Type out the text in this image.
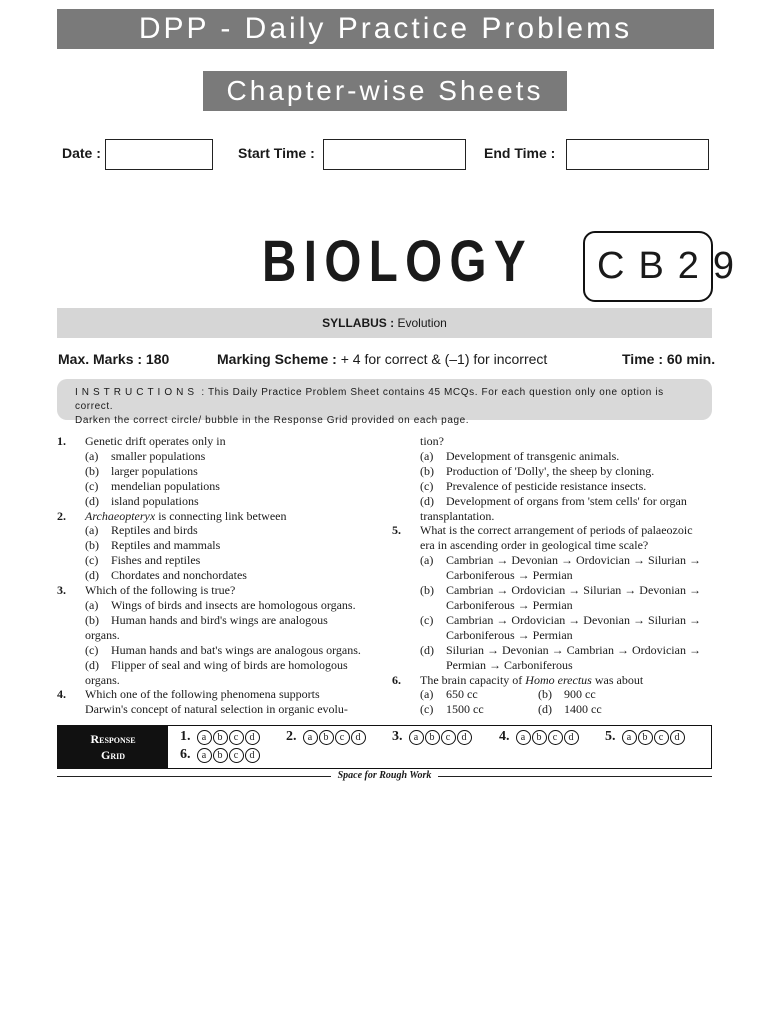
DPP - Daily Practice Problems
Chapter-wise Sheets
Date :	Start Time :	End Time :
BIOLOGY	CB29
SYLLABUS : Evolution
Max. Marks : 180	Marking Scheme : + 4 for correct & (–1) for incorrect	Time : 60 min.
INSTRUCTIONS : This Daily Practice Problem Sheet contains 45 MCQs. For each question only one option is correct.
Darken the correct circle/ bubble in the Response Grid provided on each page.
1.	Genetic drift operates only in
(a)	smaller populations
(b)	larger populations
(c)	mendelian populations
(d)	island populations
2.	Archaeopteryx is connecting link between
(a)	Reptiles and birds
(b)	Reptiles and mammals
(c)	Fishes and reptiles
(d)	Chordates and nonchordates
3.	Which of the following is true?
(a)	Wings of birds and insects are homologous organs.
(b)	Human hands and bird's wings are analogous
organs.
(c)	Human hands and bat's wings are analogous organs.
(d)	Flipper of seal and wing of birds are homologous
organs.
4.	Which one of the following phenomena supports
Darwin's concept of natural selection in organic evolu-
tion?
(a)	Development of transgenic animals.
(b)	Production of 'Dolly', the sheep by cloning.
(c)	Prevalence of pesticide resistance insects.
(d)	Development of organs from 'stem cells' for organ
transplantation.
5.	What is the correct arrangement of periods of palaeozoic
era in ascending order in geological time scale?
(a)	Cambrian → Devonian → Ordovician → Silurian →
Carboniferous → Permian
(b)	Cambrian → Ordovician → Silurian → Devonian →
Carboniferous → Permian
(c)	Cambrian → Ordovician → Devonian → Silurian →
Carboniferous → Permian
(d)	Silurian → Devonian → Cambrian → Ordovician →
Permian → Carboniferous
6.	The brain capacity of Homo erectus was about
(a)	650 cc	(b)	900 cc
(c)	1500 cc	(d)	1400 cc
Response
Grid
1.	a	b	c	d	2.	a	b	c	d	3.	a	b	c	d	4.	a	b	c	d	5.	a	b	c	d
6.	a	b	c	d
Space for Rough Work
